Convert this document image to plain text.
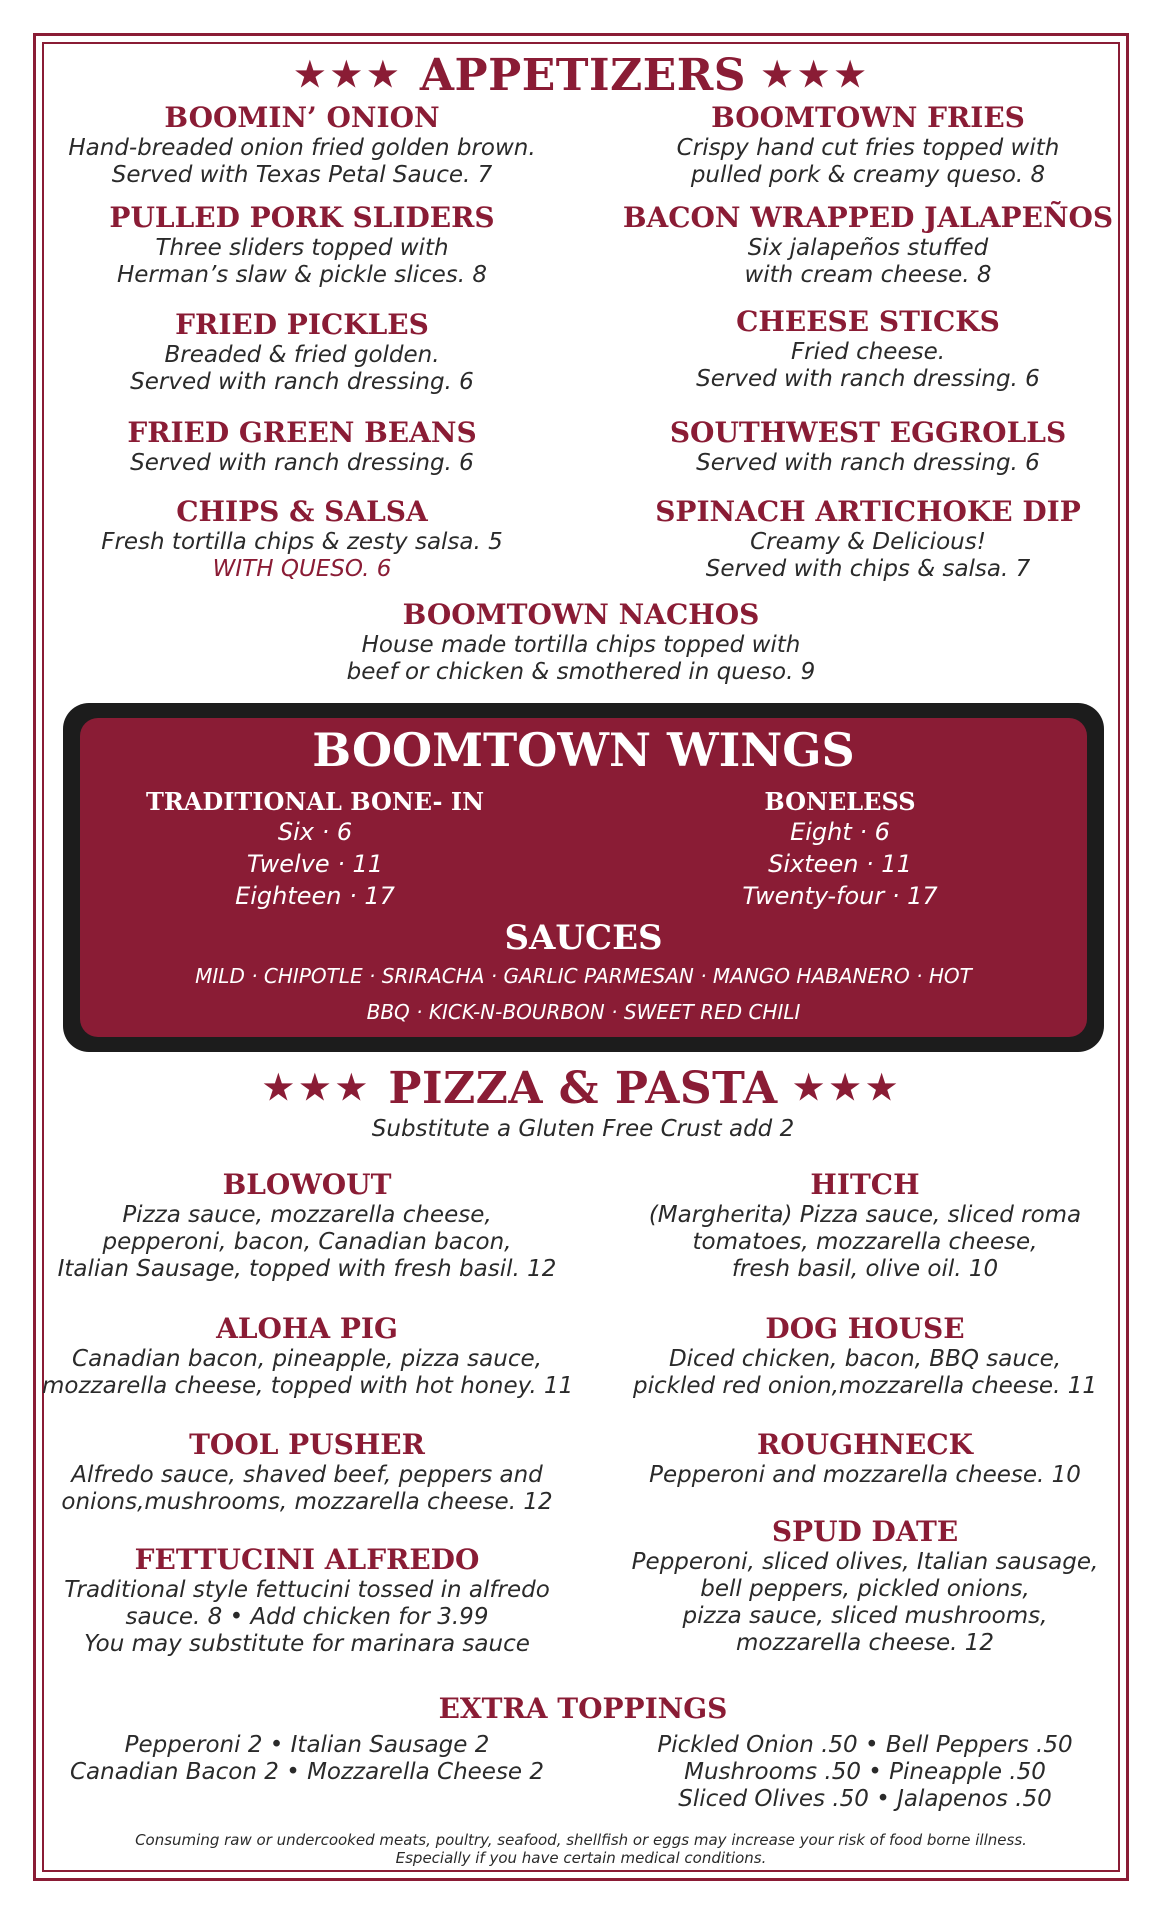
★★★ APPETIZERS ★★★
BOOMIN’ ONION
Hand-breaded onion fried golden brown.
Served with Texas Petal Sauce. 7
BOOMTOWN FRIES
Crispy hand cut fries topped with
pulled pork & creamy queso. 8
PULLED PORK SLIDERS
Three sliders topped with
Herman’s slaw & pickle slices. 8
BACON WRAPPED JALAPEÑOS
Six jalapeños stuffed
with cream cheese. 8
FRIED PICKLES
Breaded & fried golden.
Served with ranch dressing. 6
CHEESE STICKS
Fried cheese.
Served with ranch dressing. 6
FRIED GREEN BEANS
Served with ranch dressing. 6
SOUTHWEST EGGROLLS
Served with ranch dressing. 6
CHIPS & SALSA
Fresh tortilla chips & zesty salsa. 5
WITH QUESO. 6
SPINACH ARTICHOKE DIP
Creamy & Delicious!
Served with chips & salsa. 7
BOOMTOWN NACHOS
House made tortilla chips topped with
beef or chicken & smothered in queso. 9
BOOMTOWN WINGS
TRADITIONAL BONE- IN
Six · 6
Twelve · 11
Eighteen · 17
BONELESS
Eight · 6
Sixteen · 11
Twenty-four · 17
SAUCES
MILD · CHIPOTLE · SRIRACHA · GARLIC PARMESAN · MANGO HABANERO · HOT
BBQ · KICK-N-BOURBON · SWEET RED CHILI
★★★ PIZZA & PASTA ★★★
Substitute a Gluten Free Crust add 2
BLOWOUT
Pizza sauce, mozzarella cheese,
pepperoni, bacon, Canadian bacon,
Italian Sausage, topped with fresh basil. 12
HITCH
(Margherita) Pizza sauce, sliced roma
tomatoes, mozzarella cheese,
fresh basil, olive oil. 10
ALOHA PIG
Canadian bacon, pineapple, pizza sauce,
mozzarella cheese, topped with hot honey. 11
DOG HOUSE
Diced chicken, bacon, BBQ sauce,
pickled red onion,mozzarella cheese. 11
TOOL PUSHER
Alfredo sauce, shaved beef, peppers and
onions,mushrooms, mozzarella cheese. 12
ROUGHNECK
Pepperoni and mozzarella cheese. 10
FETTUCINI ALFREDO
Traditional style fettucini tossed in alfredo
sauce. 8 • Add chicken for 3.99
You may substitute for marinara sauce
SPUD DATE
Pepperoni, sliced olives, Italian sausage,
bell peppers, pickled onions,
pizza sauce, sliced mushrooms,
mozzarella cheese. 12
EXTRA TOPPINGS
Pepperoni 2 • Italian Sausage 2
Canadian Bacon 2 • Mozzarella Cheese 2
Pickled Onion .50 • Bell Peppers .50
Mushrooms .50 • Pineapple .50
Sliced Olives .50 • Jalapenos .50
Consuming raw or undercooked meats, poultry, seafood, shellfish or eggs may increase your risk of food borne illness.
Especially if you have certain medical conditions.
